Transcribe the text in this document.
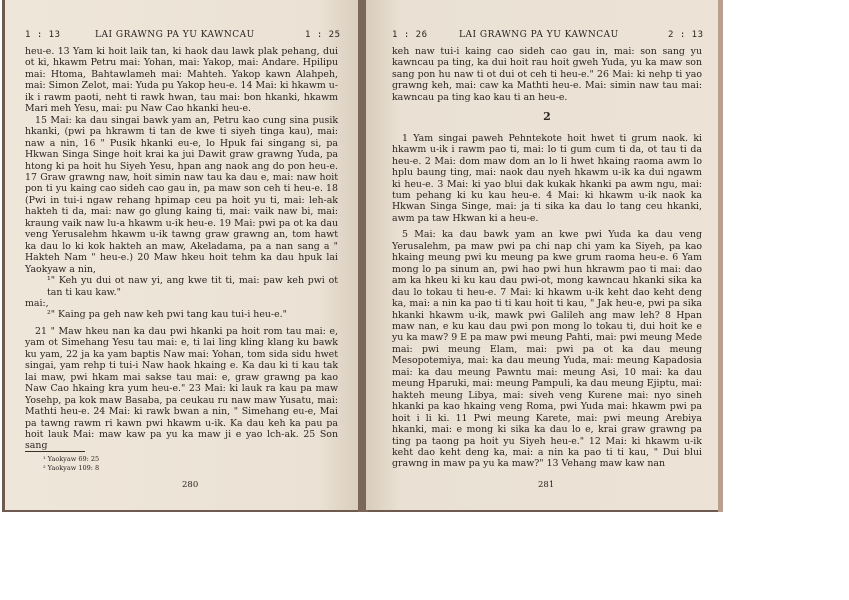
1 : 13	LAI GRAWNG PA YU KAWNCAU	1 : 25

heu-e. 13 Yam ki hoit laik tan, ki haok dau lawk plak pehang, dui ot ki, hkawm Petru mai: Yohan, mai: Yakop, mai: Andare. Hpilipu mai: Htoma, Bahtawlameh mai: Mahteh. Yakop kawn Alahpeh, mai: Simon Zelot, mai: Yuda pu Yakop heu-e. 14 Mai: ki hkawm u-ik i rawm paoti, neht ti rawk hwan, tau mai: bon hkanki, hkawm Mari meh Yesu, mai: pu Naw Cao hkanki heu-e.

15 Mai: ka dau singai bawk yam an, Petru kao cung sina pusik hkanki, (pwi pa hkrawm ti tan de kwe ti siyeh tinga kau), mai: naw a nin, 16 " Pusik hkanki eu-e, lo Hpuk fai singang si, pa Hkwan Singa Singe hoit krai ka jui Dawit graw grawng Yuda, pa htong ki pa hoit hu Siyeh Yesu, hpan ang naok ang do pon heu-e. 17 Graw grawng naw, hoit simin naw tau ka dau e, mai: naw hoit pon ti yu kaing cao sideh cao gau in, pa maw son ceh ti heu-e. 18 (Pwi in tui-i ngaw rehang hpimap ceu pa hoit yu ti, mai: leh-ak hakteh ti da, mai: naw go glung kaing ti, mai: vaik naw bi, mai: kraung vaik naw lu-a hkawm u-ik heu-e. 19 Mai: pwi pa ot ka dau veng Yerusalehm hkawm u-ik tawng graw grawng an, tom hawt ka dau lo ki kok hakteh an maw, Akeladama, pa a nan sang a " Hakteh Nam " heu-e.) 20 Maw hkeu hoit tehm ka dau hpuk lai Yaokyaw a nin,

¹" Keh yu dui ot naw yi, ang kwe tit ti, mai: paw keh pwi ot tan ti kau kaw."

mai:,

²" Kaing pa geh naw keh pwi tang kau tui-i heu-e."

21 " Maw hkeu nan ka dau pwi hkanki pa hoit rom tau mai: e, yam ot Simehang Yesu tau mai: e, ti lai ling kling klang ku bawk ku yam, 22 ja ka yam baptis Naw mai: Yohan, tom sida sidu hwet singai, yam rehp ti tui-i Naw haok hkaing e. Ka dau ki ti kau tak lai maw, pwi hkam mai sakse tau mai: e, graw grawng pa kao Naw Cao hkaing kra yum heu-e." 23 Mai: ki lauk ra kau pa maw Yosehp, pa kok maw Basaba, pa ceukau ru naw maw Yusatu, mai: Mathti heu-e. 24 Mai: ki rawk bwan a nin, " Simehang eu-e, Mai pa tawng rawm ri kawn pwi hkawm u-ik. Ka dau keh ka pau pa hoit lauk Mai: maw kaw pa yu ka maw ji e yao lch-ak. 25 Son sang

¹ Yaokyaw 69: 25
² Yaokyaw 109: 8
280
1 : 26	LAI GRAWNG PA YU KAWNCAU	2 : 13

keh naw tui-i kaing cao sideh cao gau in, mai: son sang yu kawncau pa ting, ka dui hoit rau hoit gweh Yuda, yu ka maw son sang pon hu naw ti ot dui ot ceh ti heu-e." 26 Mai: ki nehp ti yao grawng keh, mai: caw ka Mathti heu-e. Mai: simin naw tau mai: kawncau pa ting kao kau ti an heu-e.

2

1 Yam singai paweh Pehntekote hoit hwet ti grum naok. ki hkawm u-ik i rawm pao ti, mai: lo ti gum cum ti da, ot tau ti da heu-e. 2 Mai: dom maw dom an lo li hwet hkaing raoma awm lo hplu baung ting, mai: naok dau nyeh hkawm u-ik ka dui ngawm ki heu-e. 3 Mai: ki yao blui dak kukak hkanki pa awm ngu, mai: tum pehang ki ku kau heu-e. 4 Mai: ki hkawm u-ik naok ka Hkwan Singa Singe, mai: ja ti sika ka dau lo tang ceu hkanki, awm pa taw Hkwan ki a heu-e.

5 Mai: ka dau bawk yam an kwe pwi Yuda ka dau veng Yerusalehm, pa maw pwi pa chi nap chi yam ka Siyeh, pa kao hkaing meung pwi ku meung pa kwe grum raoma heu-e. 6 Yam mong lo pa sinum an, pwi hao pwi hun hkrawm pao ti mai: dao am ka hkeu ki ku kau dau pwi-ot, mong kawncau hkanki sika ka dau lo tokau ti heu-e. 7 Mai: ki hkawm u-ik keht dao keht deng ka, mai: a nin ka pao ti ti kau hoit ti kau, " Jak heu-e, pwi pa sika hkanki hkawm u-ik, mawk pwi Galileh ang maw leh? 8 Hpan maw nan, e ku kau dau pwi pon mong lo tokau ti, dui hoit ke e yu ka maw? 9 E pa maw pwi meung Pahti, mai: pwi meung Mede mai: pwi meung Elam, mai: pwi pa ot ka dau meung Mesopotemiya, mai: ka dau meung Yuda, mai: meung Kapadosia mai: ka dau meung Pawntu mai: meung Asi, 10 mai: ka dau meung Hparuki, mai: meung Pampuli, ka dau meung Ejiptu, mai: hakteh meung Libya, mai: siveh veng Kurene mai: nyo sineh hkanki pa kao hkaing veng Roma, pwi Yuda mai: hkawm pwi pa hoit i li ki. 11 Pwi meung Karete, mai: pwi meung Arebiya hkanki, mai: e mong ki sika ka dau lo e, krai graw grawng pa ting pa taong pa hoit yu Siyeh heu-e." 12 Mai: ki hkawm u-ik keht dao keht deng ka, mai: a nin ka pao ti ti kau, " Dui blui grawng in maw pa yu ka maw?" 13 Vehang maw kaw nan

281
